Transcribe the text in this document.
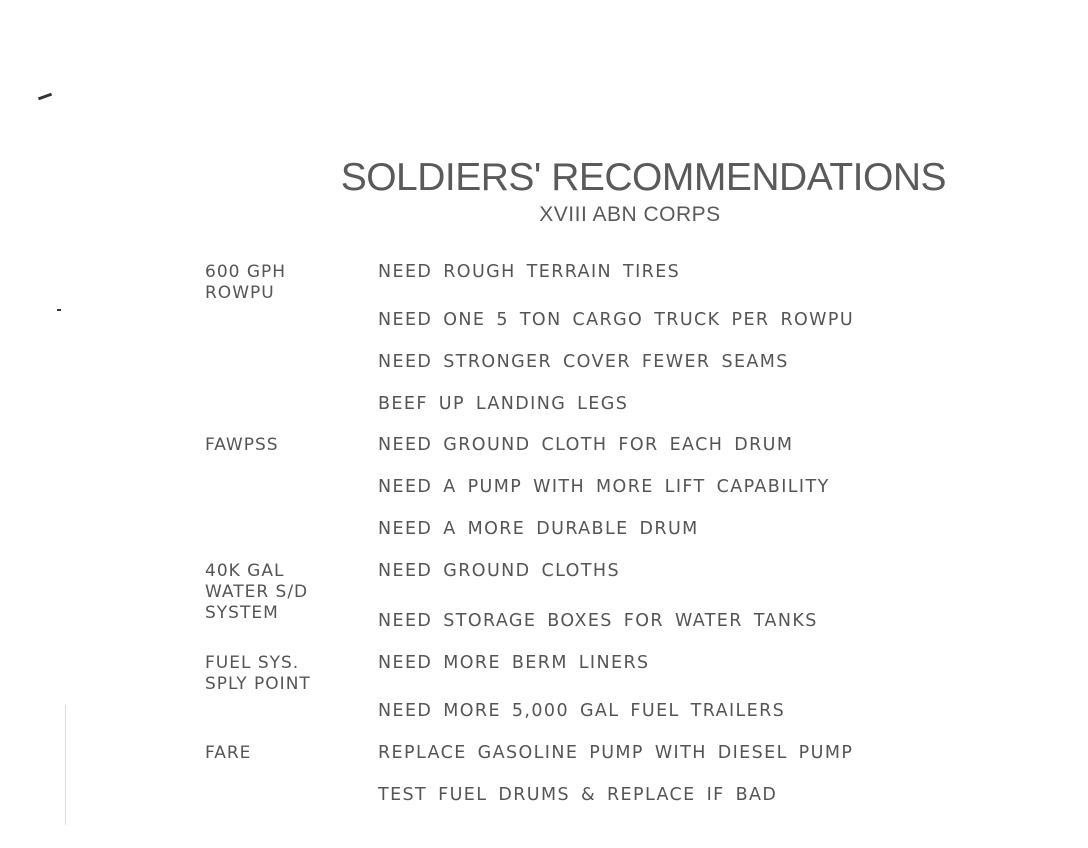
SOLDIERS' RECOMMENDATIONS
XVIII ABN CORPS
600 GPH
ROWPU
NEED ROUGH TERRAIN TIRES
NEED ONE 5 TON CARGO TRUCK PER ROWPU
NEED STRONGER COVER FEWER SEAMS
BEEF UP LANDING LEGS
FAWPSS	NEED GROUND CLOTH FOR EACH DRUM
NEED A PUMP WITH MORE LIFT CAPABILITY
NEED A MORE DURABLE DRUM
40K GAL
WATER S/D
SYSTEM
NEED GROUND CLOTHS
NEED STORAGE BOXES FOR WATER TANKS
FUEL SYS.
SPLY POINT
NEED MORE BERM LINERS
NEED MORE 5,000 GAL FUEL TRAILERS
FARE	REPLACE GASOLINE PUMP WITH DIESEL PUMP
TEST FUEL DRUMS & REPLACE IF BAD
